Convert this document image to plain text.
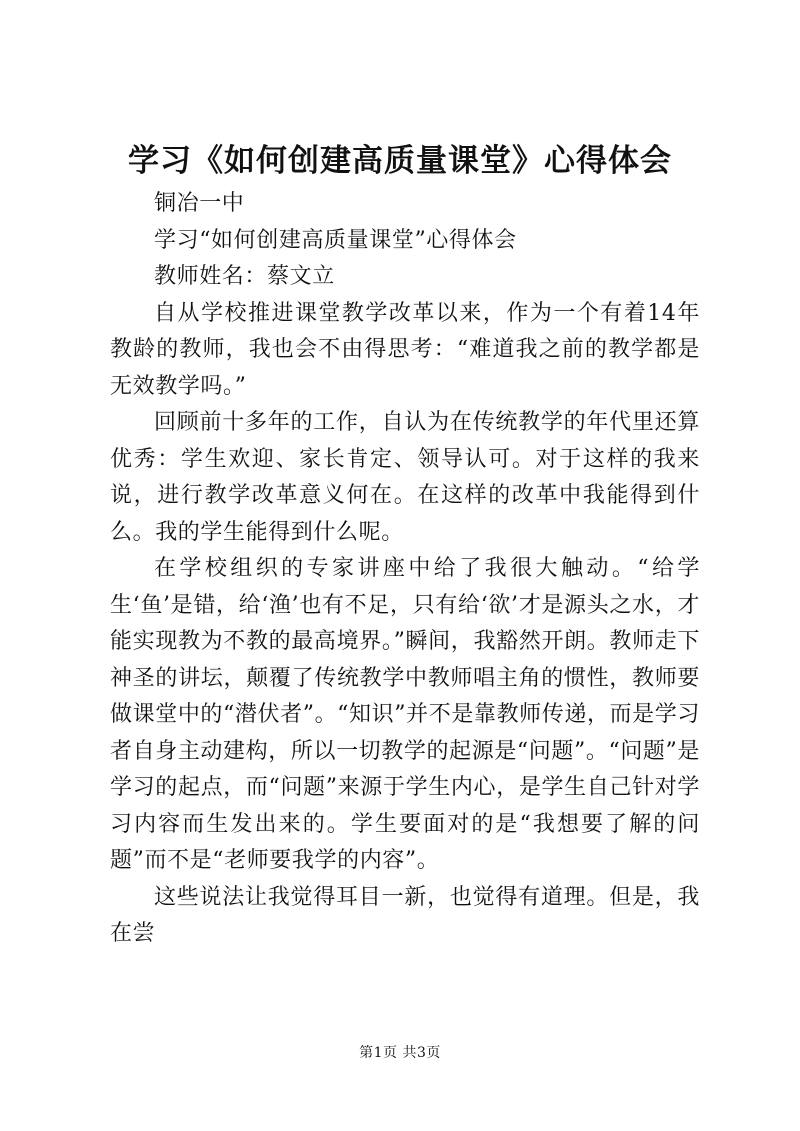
学习《如何创建高质量课堂》心得体会

铜冶一中

学习“如何创建高质量课堂”心得体会

教师姓名：蔡文立

自从学校推进课堂教学改革以来，作为一个有着14年教龄的教师，我也会不由得思考：“难道我之前的教学都是无效教学吗。”

回顾前十多年的工作，自认为在传统教学的年代里还算优秀：学生欢迎、家长肯定、领导认可。对于这样的我来说，进行教学改革意义何在。在这样的改革中我能得到什么。我的学生能得到什么呢。

在学校组织的专家讲座中给了我很大触动。“给学生‘鱼’是错，给‘渔’也有不足，只有给‘欲’才是源头之水，才能实现教为不教的最高境界。”瞬间，我豁然开朗。教师走下神圣的讲坛，颠覆了传统教学中教师唱主角的惯性，教师要做课堂中的“潜伏者”。“知识”并不是靠教师传递，而是学习者自身主动建构，所以一切教学的起源是“问题”。“问题”是学习的起点，而“问题”来源于学生内心，是学生自己针对学习内容而生发出来的。学生要面对的是“我想要了解的问题”而不是“老师要我学的内容”。

这些说法让我觉得耳目一新，也觉得有道理。但是，我在尝

第1页 共3页
